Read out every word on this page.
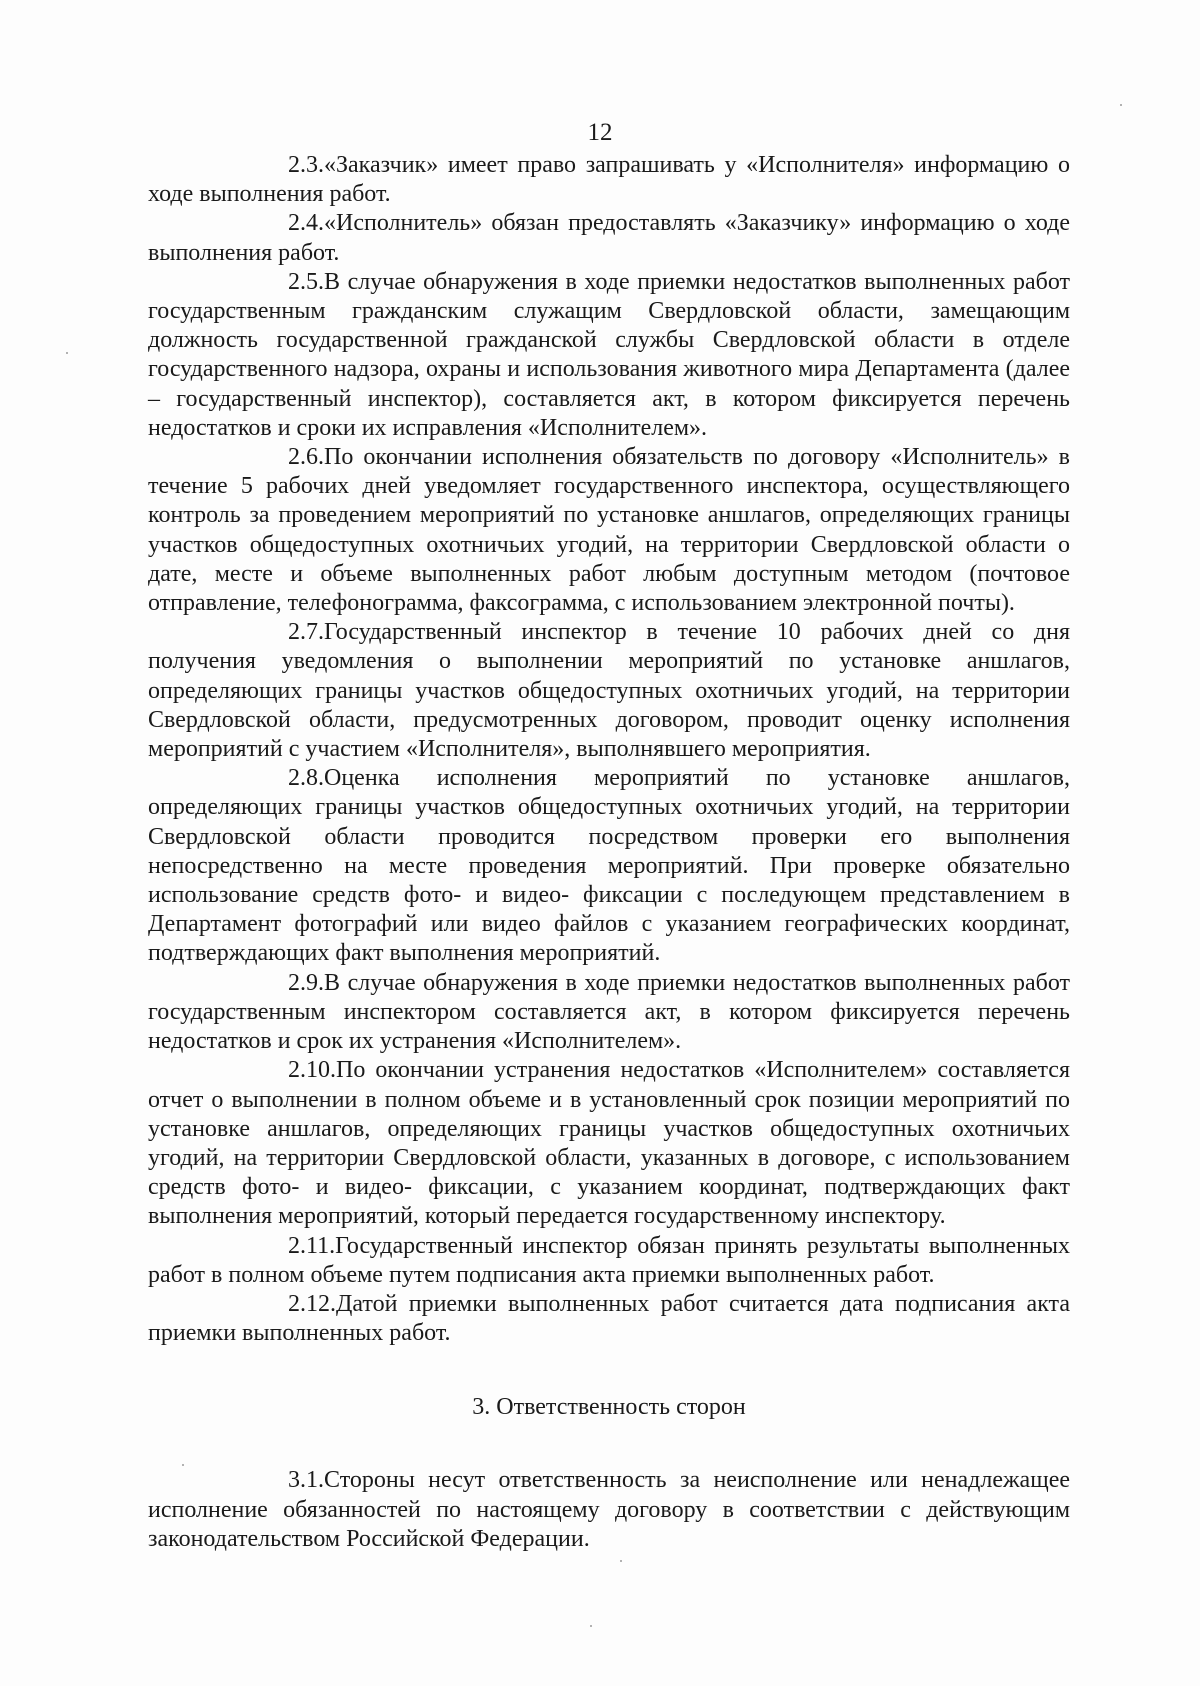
12

2.3.«Заказчик» имеет право запрашивать у «Исполнителя» информацию о ходе выполнения работ.

2.4.«Исполнитель» обязан предоставлять «Заказчику» информацию о ходе выполнения работ.

2.5.В случае обнаружения в ходе приемки недостатков выполненных работ государственным гражданским служащим Свердловской области, замещающим должность государственной гражданской службы Свердловской области в отделе государственного надзора, охраны и использования животного мира Департамента (далее – государственный инспектор), составляется акт, в котором фиксируется перечень недостатков и сроки их исправления «Исполнителем».

2.6.По окончании исполнения обязательств по договору «Исполнитель» в течение 5 рабочих дней уведомляет государственного инспектора, осуществляющего контроль за проведением мероприятий по установке аншлагов, определяющих границы участков общедоступных охотничьих угодий, на территории Свердловской области о дате, месте и объеме выполненных работ любым доступным методом (почтовое отправление, телефонограмма, факсограмма, с использованием электронной почты).

2.7.Государственный инспектор в течение 10 рабочих дней со дня получения уведомления о выполнении мероприятий по установке аншлагов, определяющих границы участков общедоступных охотничьих угодий, на территории Свердловской области, предусмотренных договором, проводит оценку исполнения мероприятий с участием «Исполнителя», выполнявшего мероприятия.

2.8.Оценка исполнения мероприятий по установке аншлагов, определяющих границы участков общедоступных охотничьих угодий, на территории Свердловской области проводится посредством проверки его выполнения непосредственно на месте проведения мероприятий. При проверке обязательно использование средств фото- и видео- фиксации с последующем представлением в Департамент фотографий или видео файлов с указанием географических координат, подтверждающих факт выполнения мероприятий.

2.9.В случае обнаружения в ходе приемки недостатков выполненных работ государственным инспектором составляется акт, в котором фиксируется перечень недостатков и срок их устранения «Исполнителем».

2.10.По окончании устранения недостатков «Исполнителем» составляется отчет о выполнении в полном объеме и в установленный срок позиции мероприятий по установке аншлагов, определяющих границы участков общедоступных охотничьих угодий, на территории Свердловской области, указанных в договоре, с использованием средств фото- и видео- фиксации, с указанием координат, подтверждающих факт выполнения мероприятий, который передается государственному инспектору.

2.11.Государственный инспектор обязан принять результаты выполненных работ в полном объеме путем подписания акта приемки выполненных работ.

2.12.Датой приемки выполненных работ считается дата подписания акта приемки выполненных работ.

3. Ответственность сторон

3.1.Стороны несут ответственность за неисполнение или ненадлежащее исполнение обязанностей по настоящему договору в соответствии с действующим законодательством Российской Федерации.
